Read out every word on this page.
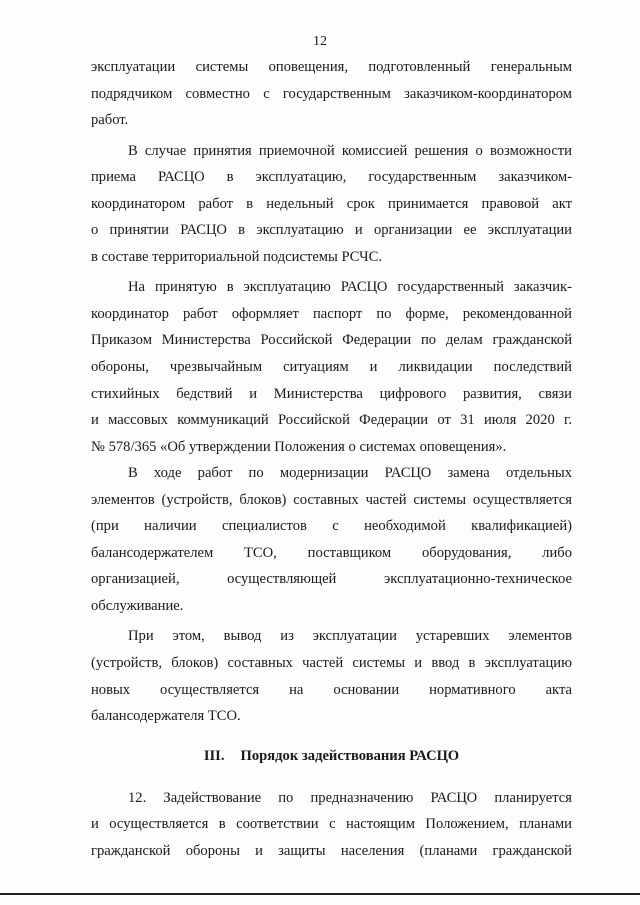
12
эксплуатации системы оповещения, подготовленный генеральным
подрядчиком совместно с государственным заказчиком-координатором
работ.
В случае принятия приемочной комиссией решения о возможности
приема РАСЦО в эксплуатацию, государственным заказчиком-
координатором работ в недельный срок принимается правовой акт
о принятии РАСЦО в эксплуатацию и организации ее эксплуатации
в составе территориальной подсистемы РСЧС.
На принятую в эксплуатацию РАСЦО государственный заказчик-
координатор работ оформляет паспорт по форме, рекомендованной
Приказом Министерства Российской Федерации по делам гражданской
обороны, чрезвычайным ситуациям и ликвидации последствий
стихийных бедствий и Министерства цифрового развития, связи
и массовых коммуникаций Российской Федерации от 31 июля 2020 г.
№ 578/365 «Об утверждении Положения о системах оповещения».
В ходе работ по модернизации РАСЦО замена отдельных
элементов (устройств, блоков) составных частей системы осуществляется
(при наличии специалистов с необходимой квалификацией)
балансодержателем ТСО, поставщиком оборудования, либо
организацией, осуществляющей эксплуатационно-техническое
обслуживание.
При этом, вывод из эксплуатации устаревших элементов
(устройств, блоков) составных частей системы и ввод в эксплуатацию
новых осуществляется на основании нормативного акта
балансодержателя ТСО.
III. Порядок задействования РАСЦО
12. Задействование по предназначению РАСЦО планируется
и осуществляется в соответствии с настоящим Положением, планами
гражданской обороны и защиты населения (планами гражданской
